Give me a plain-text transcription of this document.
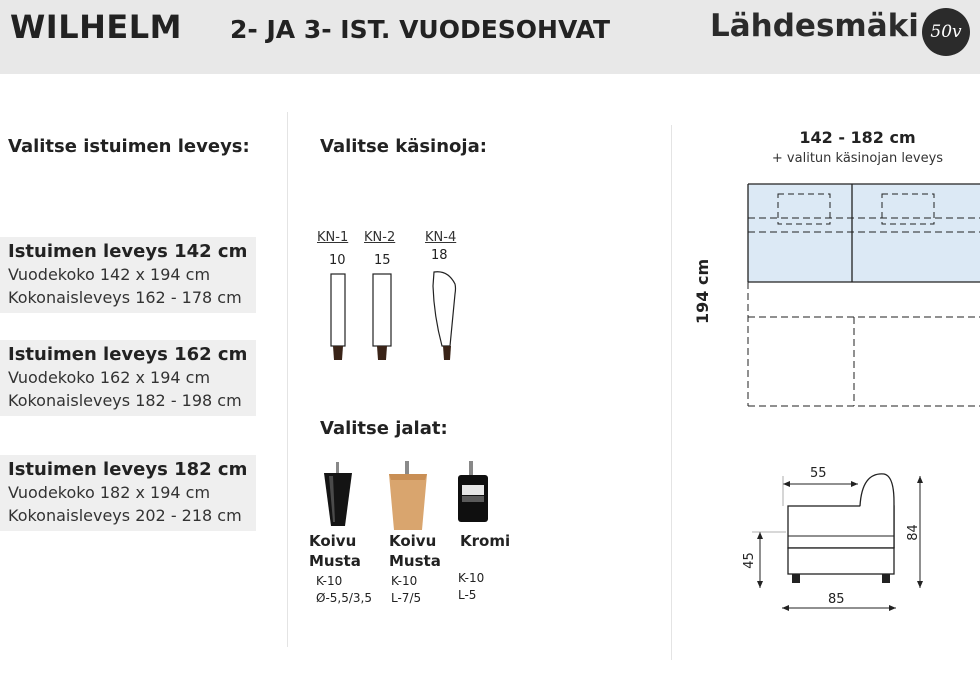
WILHELM 2- JA 3- IST. VUODESOHVAT	Lähdesmäki 50v
Valitse istuimen leveys:
Istuimen leveys 142 cm
Vuodekoko 142 x 194 cm
Kokonaisleveys 162 - 178 cm
Istuimen leveys 162 cm
Vuodekoko 162 x 194 cm
Kokonaisleveys 182 - 198 cm
Istuimen leveys 182 cm
Vuodekoko 182 x 194 cm
Kokonaisleveys 202 - 218 cm
Valitse käsinoja:
KN-1 KN-2 KN-4
10 15	18
Valitse jalat:
Koivu
Musta
K-10
Ø-5,5/3,5
Koivu
Musta
K-10
L-7/5
Kromi
K-10
L-5
142 - 182 cm
+ valitun käsinojan leveys
194 cm
55
84
45
85
